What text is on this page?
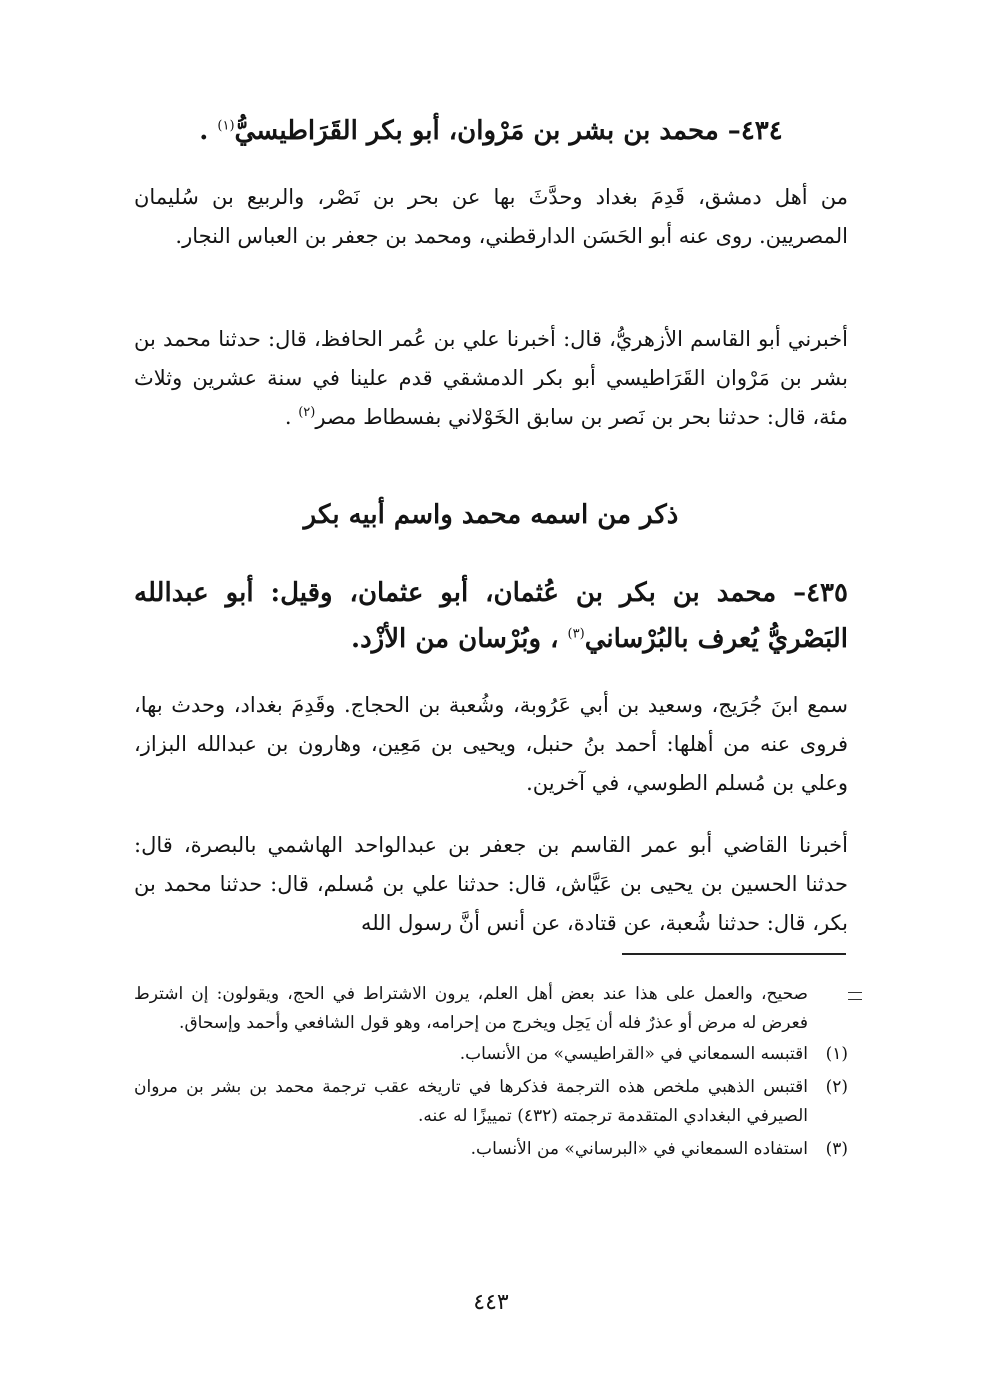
٤٣٤– محمد بن بشر بن مَرْوان، أبو بكر القَرَاطيسيُّ$^{(١)}$ .
من أهل دمشق، قَدِمَ بغداد وحدَّثَ بها عن بحر بن نَصْر، والربيع بن سُليمان المصريين. روى عنه أبو الحَسَن الدارقطني، ومحمد بن جعفر بن العباس النجار.
أخبرني أبو القاسم الأزهريُّ، قال: أخبرنا علي بن عُمر الحافظ، قال: حدثنا محمد بن بشر بن مَرْوان القَرَاطيسي أبو بكر الدمشقي قدم علينا في سنة عشرين وثلاث مئة، قال: حدثنا بحر بن نَصر بن سابق الخَوْلاني بفسطاط مصر$^{(٢)}$ .
ذكر من اسمه محمد واسم أبيه بكر
٤٣٥– محمد بن بكر بن عُثمان، أبو عثمان، وقيل: أبو عبدالله البَصْريُّ يُعرف بالبُرْساني$^{(٣)}$ ، وبُرْسان من الأزْد.
سمع ابنَ جُرَيج، وسعيد بن أبي عَرُوبة، وشُعبة بن الحجاج. وقَدِمَ بغداد، وحدث بها، فروى عنه من أهلها: أحمد بنُ حنبل، ويحيى بن مَعِين، وهارون بن عبدالله البزاز، وعلي بن مُسلم الطوسي، في آخرين.
أخبرنا القاضي أبو عمر القاسم بن جعفر بن عبدالواحد الهاشمي بالبصرة، قال: حدثنا الحسين بن يحيى بن عَيَّاش، قال: حدثنا علي بن مُسلم، قال: حدثنا محمد بن بكر، قال: حدثنا شُعبة، عن قتادة، عن أنس أنَّ رسول الله
صحيح، والعمل على هذا عند بعض أهل العلم، يرون الاشتراط في الحج، ويقولون: إن اشترط فعرض له مرض أو عذرٌ فله أن يَحِل ويخرج من إحرامه، وهو قول الشافعي وأحمد وإسحاق.
(١)
اقتبسه السمعاني في «القراطيسي» من الأنساب.
(٢)
اقتبس الذهبي ملخص هذه الترجمة فذكرها في تاريخه عقب ترجمة محمد بن بشر بن مروان الصيرفي البغدادي المتقدمة ترجمته (٤٣٢) تمييزًا له عنه.
(٣)
استفاده السمعاني في «البرساني» من الأنساب.
٤٤٣
